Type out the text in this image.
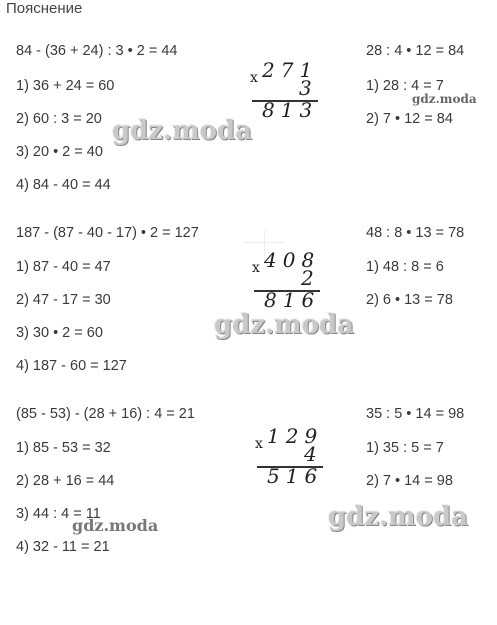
Пояснение
84 - (36 + 24) : 3 • 2 = 44
1) 36 + 24 = 60
2) 60 : 3 = 20
3) 20 • 2 = 40
4) 84 - 40 = 44
x 271
3
813
28 : 4 • 12 = 84
1) 28 : 4 = 7
2) 7 • 12 = 84
187 - (87 - 40 - 17) • 2 = 127
1) 87 - 40 = 47
2) 47 - 17 = 30
3) 30 • 2 = 60
4) 187 - 60 = 127
x 408
2
816
48 : 8 • 13 = 78
1) 48 : 8 = 6
2) 6 • 13 = 78
(85 - 53) - (28 + 16) : 4 = 21
1) 85 - 53 = 32
2) 28 + 16 = 44
3) 44 : 4 = 11
4) 32 - 11 = 21
x 129
4
516
35 : 5 • 14 = 98
1) 35 : 5 = 7
2) 7 • 14 = 98
gdz.moda
gdz.moda
gdz.moda
gdz.moda	gdz.moda
